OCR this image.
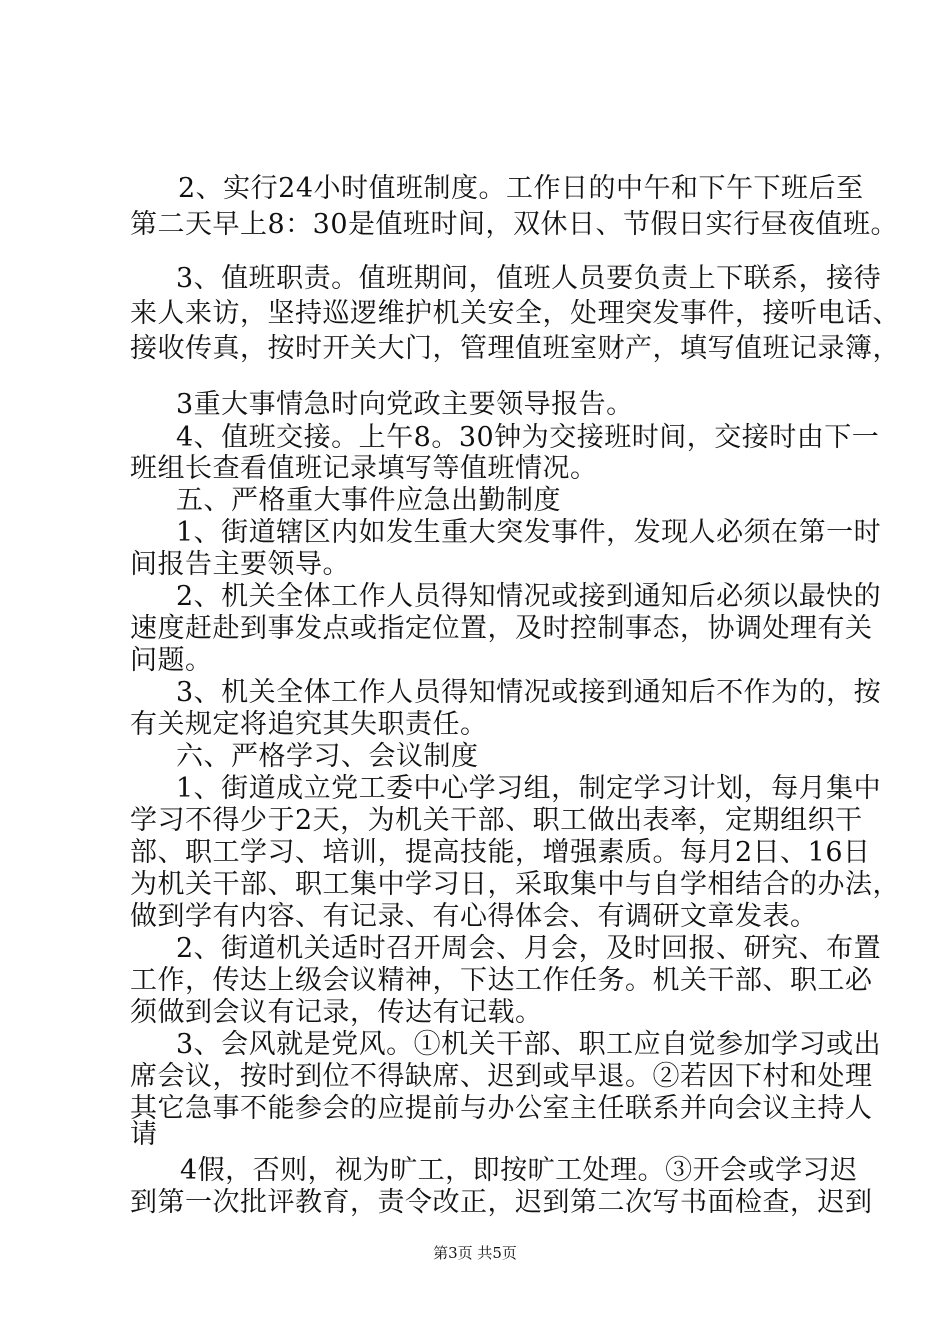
2、实行24小时值班制度。工作日的中午和下午下班后至
第二天早上8：30是值班时间，双休日、节假日实行昼夜值班。
3、值班职责。值班期间，值班人员要负责上下联系，接待
来人来访，坚持巡逻维护机关安全，处理突发事件，接听电话、
接收传真，按时开关大门，管理值班室财产，填写值班记录簿，
3重大事情急时向党政主要领导报告。
4、值班交接。上午8。30钟为交接班时间，交接时由下一
班组长查看值班记录填写等值班情况。
五、严格重大事件应急出勤制度
1、街道辖区内如发生重大突发事件，发现人必须在第一时
间报告主要领导。
2、机关全体工作人员得知情况或接到通知后必须以最快的
速度赶赴到事发点或指定位置，及时控制事态，协调处理有关
问题。
3、机关全体工作人员得知情况或接到通知后不作为的，按
有关规定将追究其失职责任。
六、严格学习、会议制度
1、街道成立党工委中心学习组，制定学习计划，每月集中
学习不得少于2天，为机关干部、职工做出表率，定期组织干
部、职工学习、培训，提高技能，增强素质。每月2日、16日
为机关干部、职工集中学习日，采取集中与自学相结合的办法，
做到学有内容、有记录、有心得体会、有调研文章发表。
2、街道机关适时召开周会、月会，及时回报、研究、布置
工作，传达上级会议精神，下达工作任务。机关干部、职工必
须做到会议有记录，传达有记载。
3、会风就是党风。①机关干部、职工应自觉参加学习或出
席会议，按时到位不得缺席、迟到或早退。②若因下村和处理
其它急事不能参会的应提前与办公室主任联系并向会议主持人
请
4假，否则，视为旷工，即按旷工处理。③开会或学习迟
到第一次批评教育，责令改正，迟到第二次写书面检查，迟到
第3页 共5页
